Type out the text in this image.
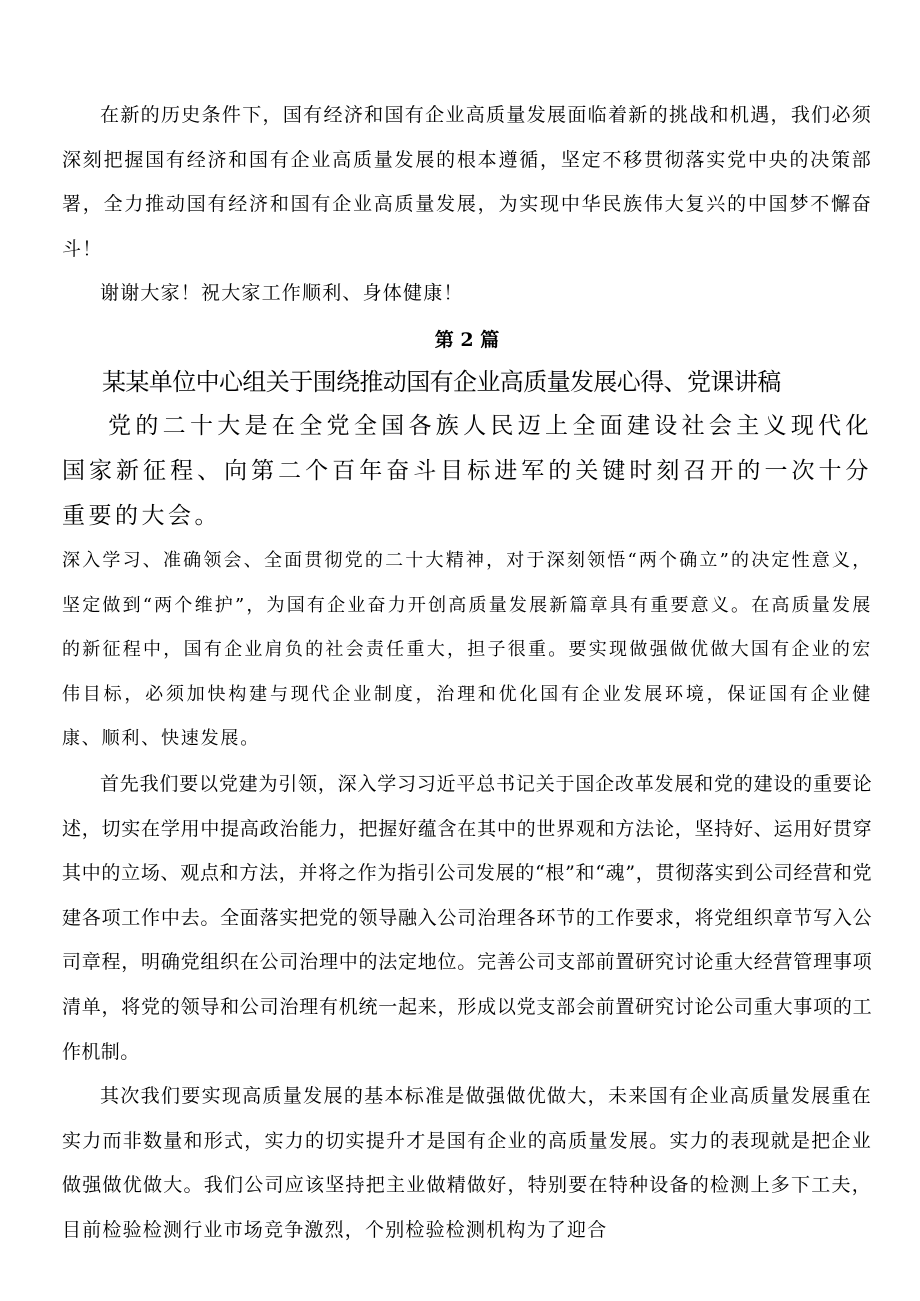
在新的历史条件下，国有经济和国有企业高质量发展面临着新的挑战和机遇，我们必须深刻把握国有经济和国有企业高质量发展的根本遵循，坚定不移贯彻落实党中央的决策部署，全力推动国有经济和国有企业高质量发展，为实现中华民族伟大复兴的中国梦不懈奋斗！

谢谢大家！祝大家工作顺利、身体健康！

第 2 篇

某某单位中心组关于围绕推动国有企业高质量发展心得、党课讲稿

党的二十大是在全党全国各族人民迈上全面建设社会主义现代化国家新征程、向第二个百年奋斗目标进军的关键时刻召开的一次十分重要的大会。

深入学习、准确领会、全面贯彻党的二十大精神，对于深刻领悟“两个确立”的决定性意义，坚定做到“两个维护”，为国有企业奋力开创高质量发展新篇章具有重要意义。在高质量发展的新征程中，国有企业肩负的社会责任重大，担子很重。要实现做强做优做大国有企业的宏伟目标，必须加快构建与现代企业制度，治理和优化国有企业发展环境，保证国有企业健康、顺利、快速发展。

首先我们要以党建为引领，深入学习习近平总书记关于国企改革发展和党的建设的重要论述，切实在学用中提高政治能力，把握好蕴含在其中的世界观和方法论，坚持好、运用好贯穿其中的立场、观点和方法，并将之作为指引公司发展的“根”和“魂”，贯彻落实到公司经营和党建各项工作中去。全面落实把党的领导融入公司治理各环节的工作要求，将党组织章节写入公司章程，明确党组织在公司治理中的法定地位。完善公司支部前置研究讨论重大经营管理事项清单，将党的领导和公司治理有机统一起来，形成以党支部会前置研究讨论公司重大事项的工作机制。

其次我们要实现高质量发展的基本标准是做强做优做大，未来国有企业高质量发展重在实力而非数量和形式，实力的切实提升才是国有企业的高质量发展。实力的表现就是把企业做强做优做大。我们公司应该坚持把主业做精做好，特别要在特种设备的检测上多下工夫，目前检验检测行业市场竞争激烈，个别检验检测机构为了迎合
